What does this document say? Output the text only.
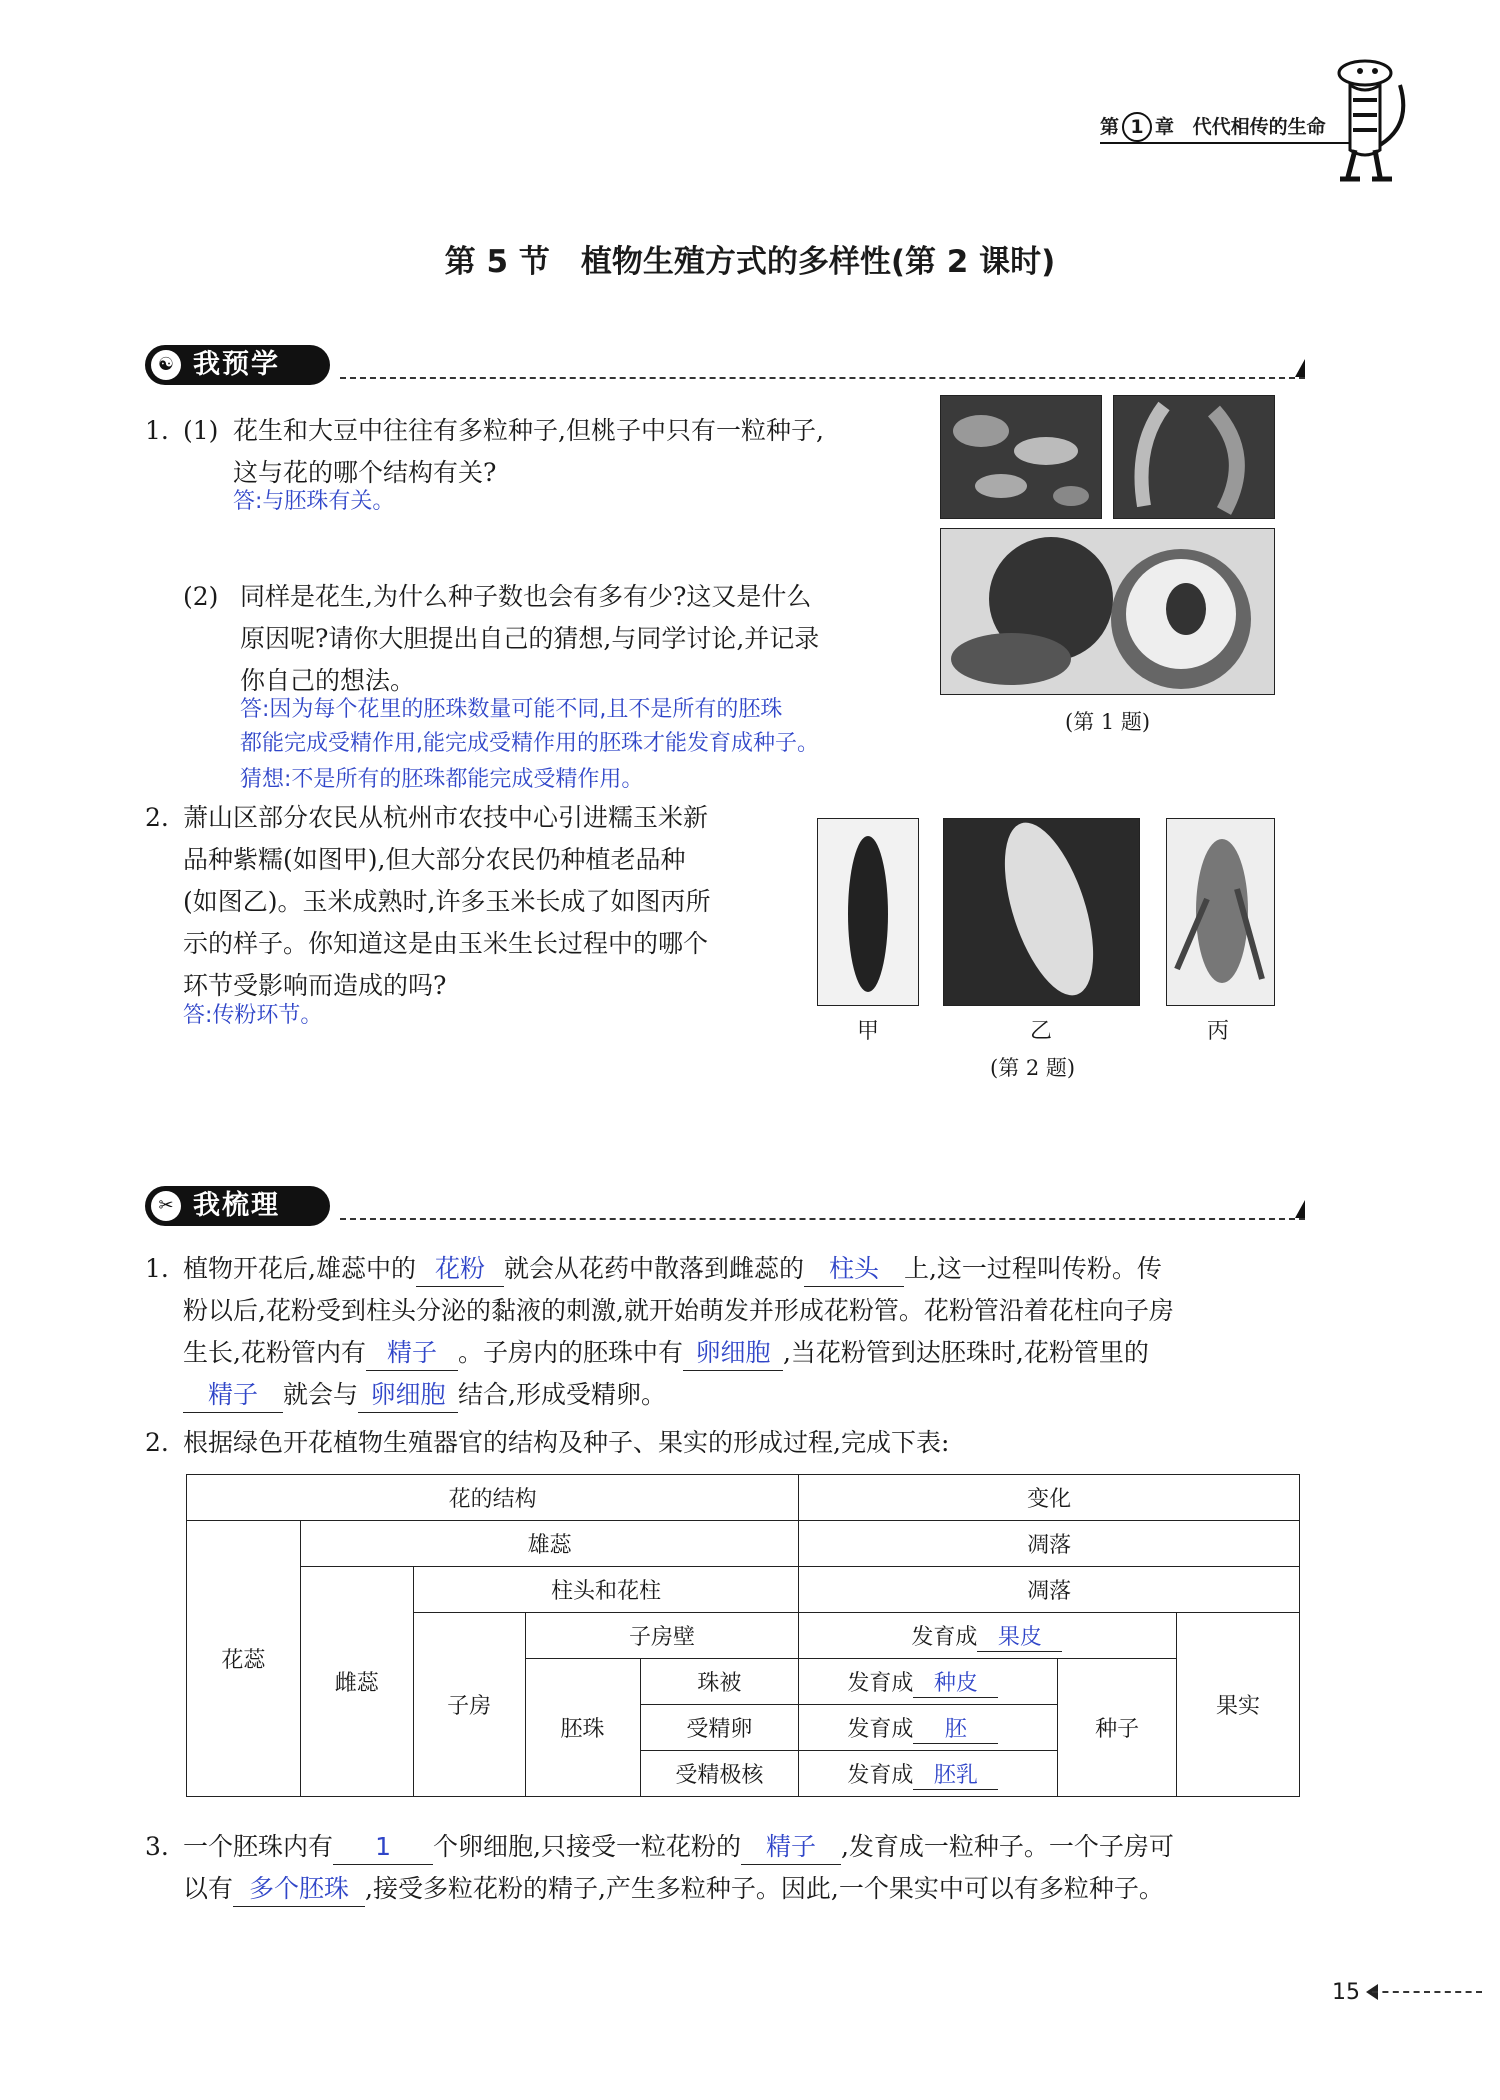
第 1 章 代代相传的生命
第 5 节　植物生殖方式的多样性(第 2 课时)
☯ 我预学
1. (1) 花生和大豆中往往有多粒种子,但桃子中只有一粒种子,
这与花的哪个结构有关?
答:与胚珠有关。
(2) 同样是花生,为什么种子数也会有多有少?这又是什么
原因呢?请你大胆提出自己的猜想,与同学讨论,并记录
你自己的想法。
答:因为每个花里的胚珠数量可能不同,且不是所有的胚珠
都能完成受精作用,能完成受精作用的胚珠才能发育成种子。
猜想:不是所有的胚珠都能完成受精作用。
(第 1 题)
2. 萧山区部分农民从杭州市农技中心引进糯玉米新
品种紫糯(如图甲),但大部分农民仍种植老品种
(如图乙)。玉米成熟时,许多玉米长成了如图丙所
示的样子。你知道这是由玉米生长过程中的哪个
环节受影响而造成的吗?
答:传粉环节。
甲	乙	丙
(第 2 题)
✂ 我梳理
1. 植物开花后,雄蕊中的 花粉 就会从花药中散落到雌蕊的 柱头 上,这一过程叫传粉。传
粉以后,花粉受到柱头分泌的黏液的刺激,就开始萌发并形成花粉管。花粉管沿着花柱向子房
生长,花粉管内有 精子 。子房内的胚珠中有 卵细胞 ,当花粉管到达胚珠时,花粉管里的
精子 就会与 卵细胞 结合,形成受精卵。
2. 根据绿色开花植物生殖器官的结构及种子、果实的形成过程,完成下表:
花的结构					变化		
花蕊	雄蕊				凋落		
	雌蕊	柱头和花柱			凋落		
		子房	子房壁		发育成 果皮		果实
			胚珠	珠被	发育成 种皮	种子	
				受精卵	发育成 胚		
				受精极核	发育成 胚乳		
3. 一个胚珠内有 1 个卵细胞,只接受一粒花粉的 精子 ,发育成一粒种子。一个子房可
以有 多个胚珠 ,接受多粒花粉的精子,产生多粒种子。因此,一个果实中可以有多粒种子。
15
